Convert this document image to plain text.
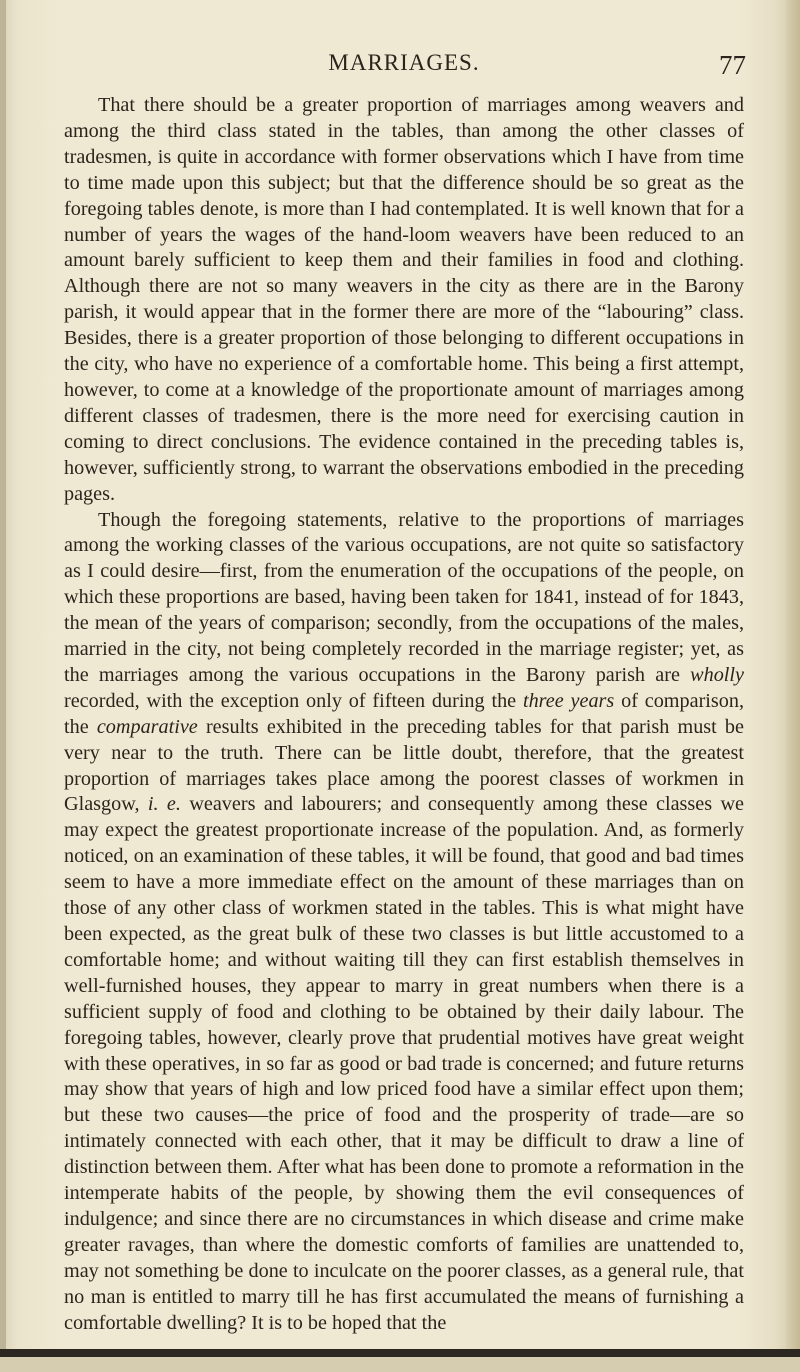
MARRIAGES.	77

That there should be a greater proportion of marriages among weavers and among the third class stated in the tables, than among the other classes of tradesmen, is quite in accordance with former observations which I have from time to time made upon this subject; but that the difference should be so great as the foregoing tables denote, is more than I had contemplated. It is well known that for a number of years the wages of the hand-loom weavers have been reduced to an amount barely sufficient to keep them and their families in food and clothing. Although there are not so many weavers in the city as there are in the Barony parish, it would appear that in the former there are more of the “labouring” class. Besides, there is a greater proportion of those belonging to different occupations in the city, who have no experience of a comfortable home. This being a first attempt, however, to come at a knowledge of the proportionate amount of marriages among different classes of tradesmen, there is the more need for exercising caution in coming to direct conclusions. The evidence contained in the preceding tables is, however, sufficiently strong, to warrant the observations embodied in the preceding pages.

Though the foregoing statements, relative to the proportions of marriages among the working classes of the various occupations, are not quite so satisfactory as I could desire—first, from the enumeration of the occupations of the people, on which these proportions are based, having been taken for 1841, instead of for 1843, the mean of the years of comparison; secondly, from the occupations of the males, married in the city, not being completely recorded in the marriage register; yet, as the marriages among the various occupations in the Barony parish are wholly recorded, with the exception only of fifteen during the three years of comparison, the comparative results exhibited in the preceding tables for that parish must be very near to the truth. There can be little doubt, therefore, that the greatest proportion of marriages takes place among the poorest classes of workmen in Glasgow, i. e. weavers and labourers; and consequently among these classes we may expect the greatest proportionate increase of the population. And, as formerly noticed, on an examination of these tables, it will be found, that good and bad times seem to have a more immediate effect on the amount of these marriages than on those of any other class of workmen stated in the tables. This is what might have been expected, as the great bulk of these two classes is but little accustomed to a comfortable home; and without waiting till they can first establish themselves in well-furnished houses, they appear to marry in great numbers when there is a sufficient supply of food and clothing to be obtained by their daily labour. The foregoing tables, however, clearly prove that prudential motives have great weight with these operatives, in so far as good or bad trade is concerned; and future returns may show that years of high and low priced food have a similar effect upon them; but these two causes—the price of food and the prosperity of trade—are so intimately connected with each other, that it may be difficult to draw a line of distinction between them. After what has been done to promote a reformation in the intemperate habits of the people, by showing them the evil consequences of indulgence; and since there are no circumstances in which disease and crime make greater ravages, than where the domestic comforts of families are unattended to, may not something be done to inculcate on the poorer classes, as a general rule, that no man is entitled to marry till he has first accumulated the means of furnishing a comfortable dwelling? It is to be hoped that the
